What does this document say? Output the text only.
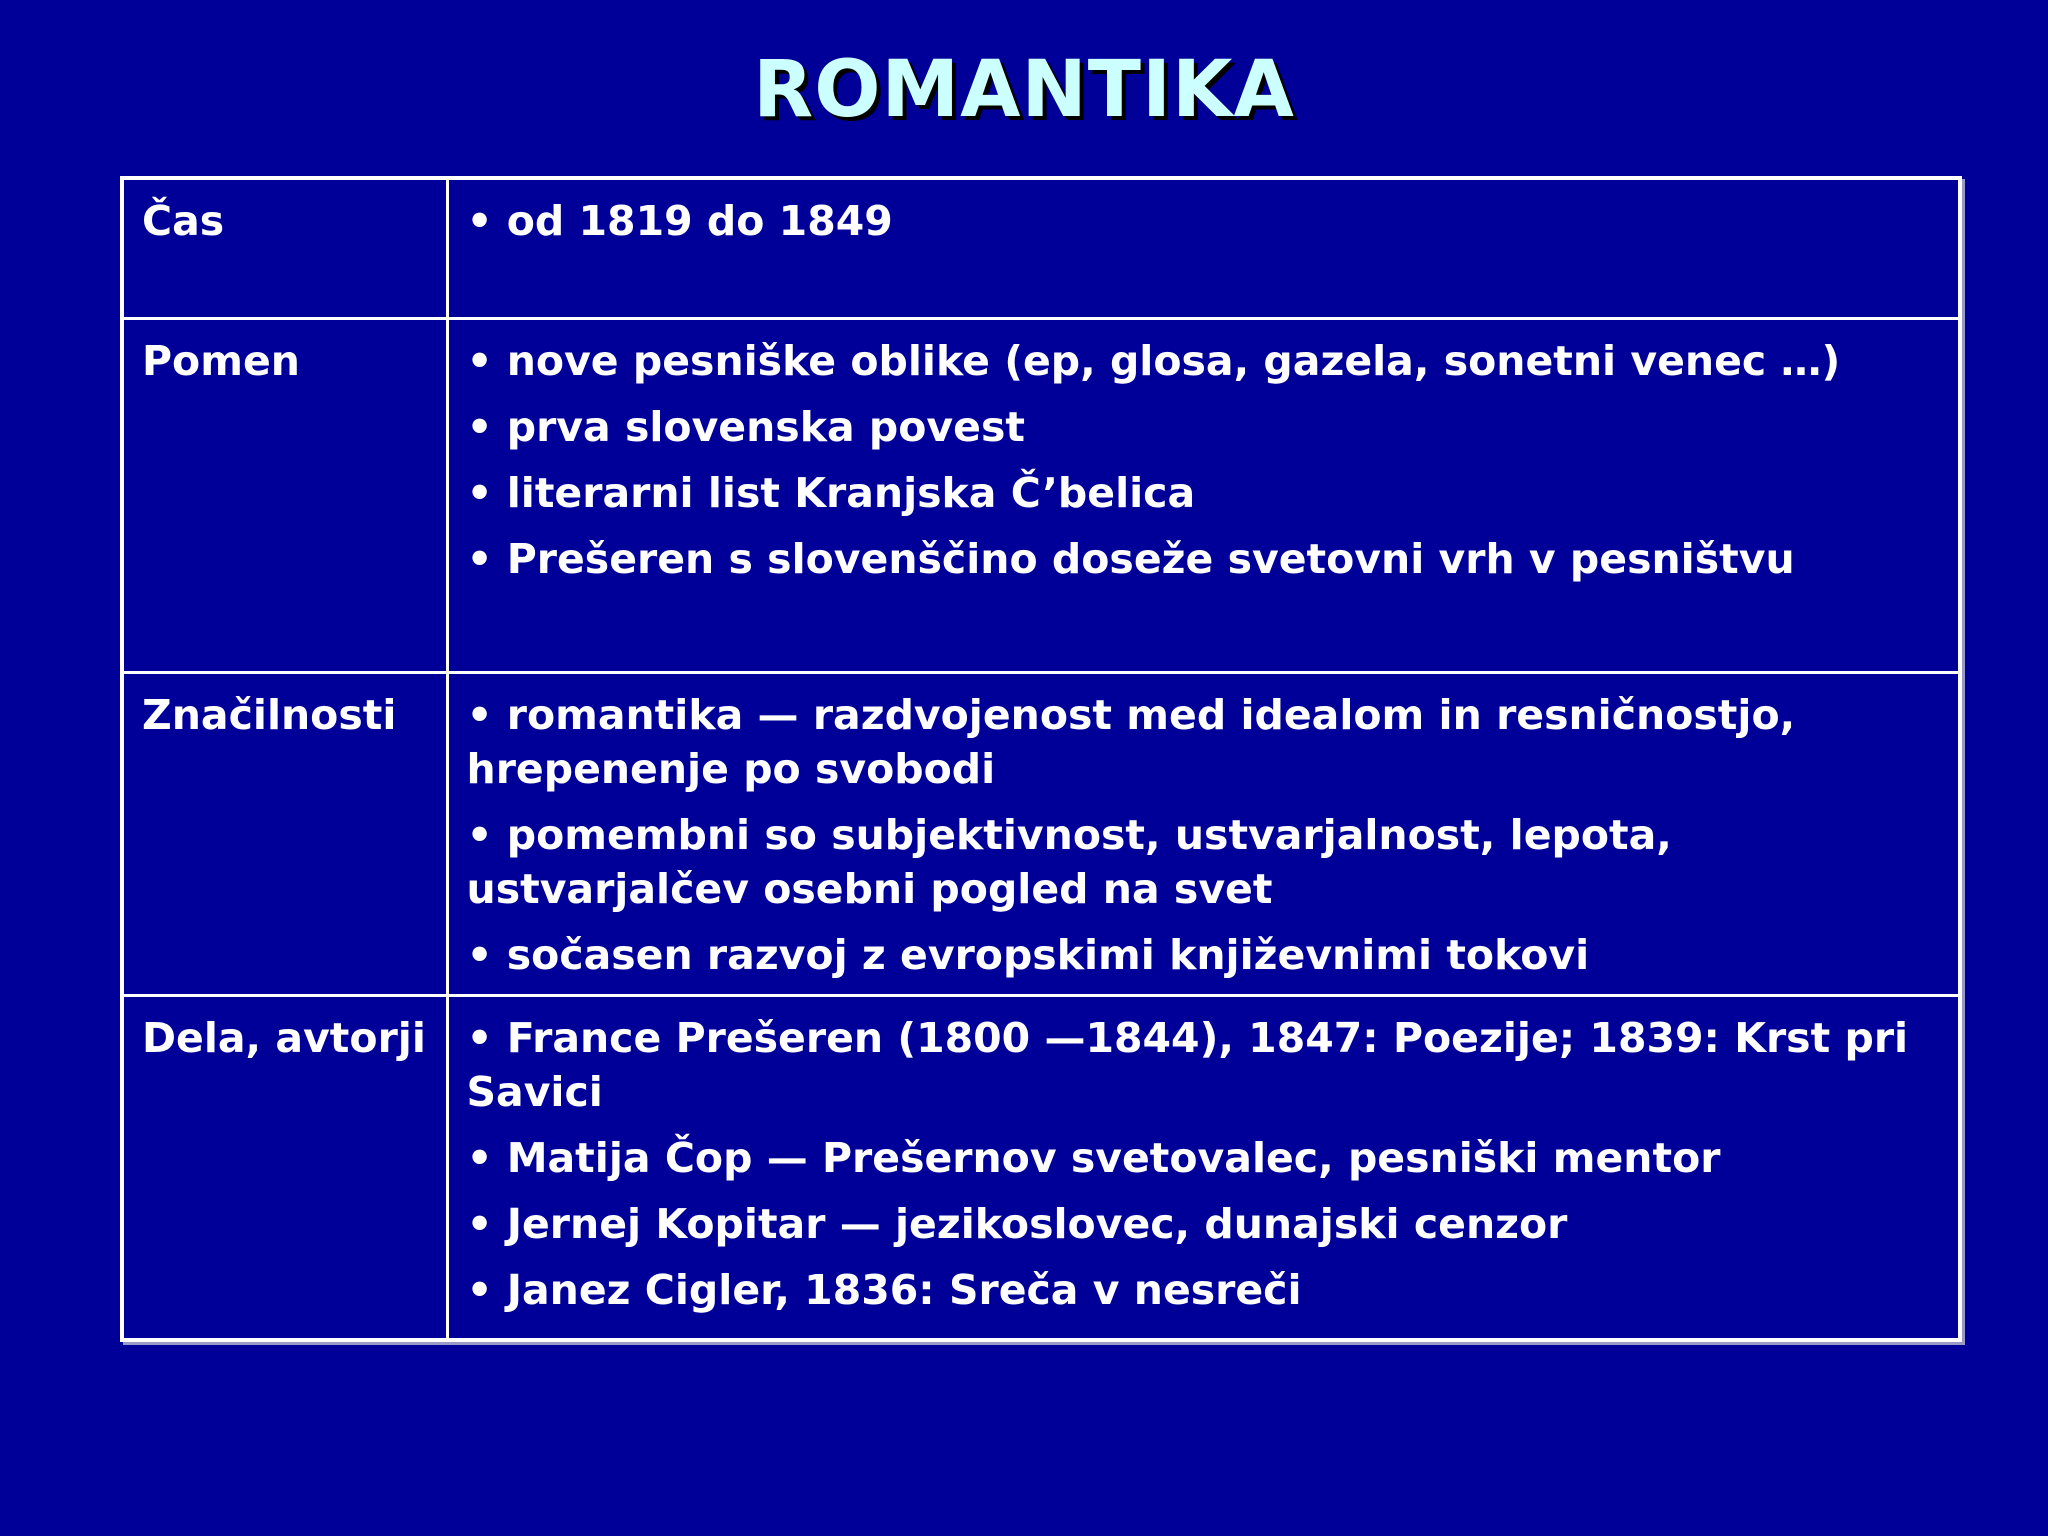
ROMANTIKA
Čas	• od 1819 do 1849

Pomen	• nove pesniške oblike (ep, glosa, gazela, sonetni venec …)
• prva slovenska povest
• literarni list Kranjska Č’belica
• Prešeren s slovenščino doseže svetovni vrh v pesništvu

Značilnosti	• romantika — razdvojenost med idealom in resničnostjo, hrepenenje po svobodi
• pomembni so subjektivnost, ustvarjalnost, lepota, ustvarjalčev osebni pogled na svet
• sočasen razvoj z evropskimi književnimi tokovi

Dela, avtorji	• France Prešeren (1800 —1844), 1847: Poezije; 1839: Krst pri Savici
• Matija Čop — Prešernov svetovalec, pesniški mentor
• Jernej Kopitar — jezikoslovec, dunajski cenzor
• Janez Cigler, 1836: Sreča v nesreči
